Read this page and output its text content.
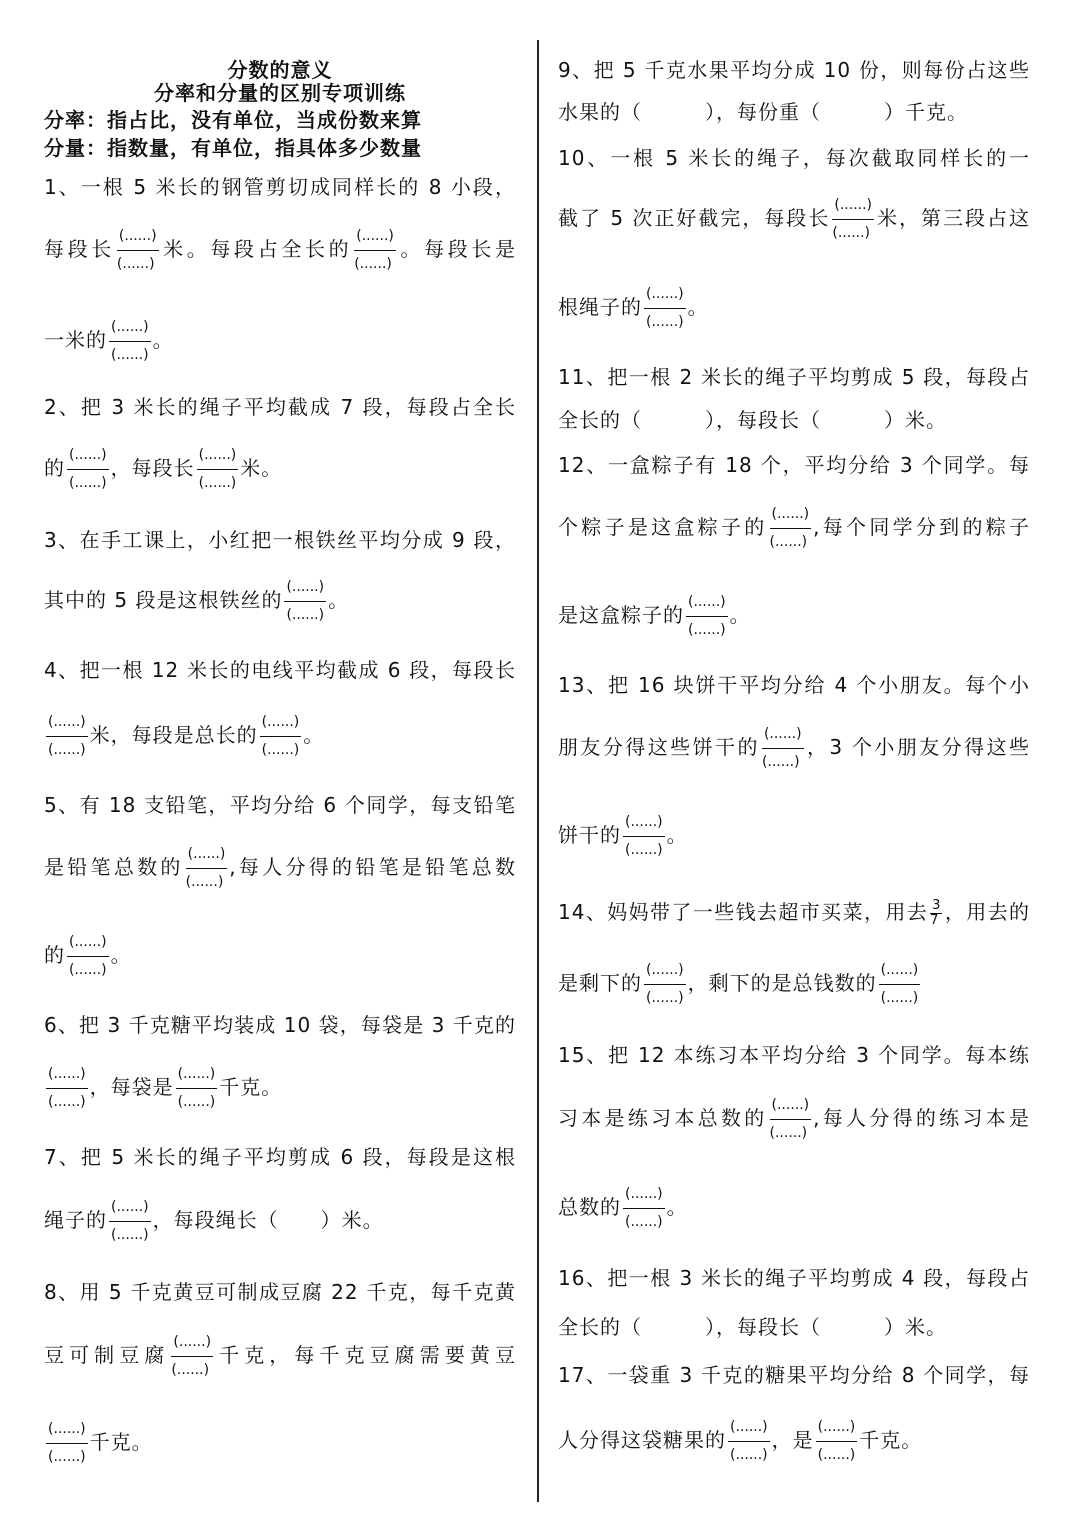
分数的意义
分率和分量的区别专项训练
分率：指占比，没有单位，当成份数来算
分量：指数量，有单位，指具体多少数量
1、一根 5 米长的钢管剪切成同样长的 8 小段，
每段长 $\frac{(......)}{(......)}$ 米。每段占全长的 $\frac{(......)}{(......)}$ 。每段长是
一米的 $\frac{(......)}{(......)}$ 。
2、把 3 米长的绳子平均截成 7 段，每段占全长
的 $\frac{(......)}{(......)}$ ，每段长 $\frac{(......)}{(......)}$ 米。
3、在手工课上，小红把一根铁丝平均分成 9 段，
其中的 5 段是这根铁丝的 $\frac{(......)}{(......)}$ 。
4、把一根 12 米长的电线平均截成 6 段，每段长
$\frac{(......)}{(......)}$ 米，每段是总长的 $\frac{(......)}{(......)}$ 。
5、有 18 支铅笔，平均分给 6 个同学，每支铅笔
是铅笔总数的 $\frac{(......)}{(......)}$ ,每人分得的铅笔是铅笔总数
的 $\frac{(......)}{(......)}$ 。
6、把 3 千克糖平均装成 10 袋，每袋是 3 千克的
$\frac{(......)}{(......)}$ ，每袋是 $\frac{(......)}{(......)}$ 千克。
7、把 5 米长的绳子平均剪成 6 段，每段是这根
绳子的 $\frac{(......)}{(......)}$ ，每段绳长（　　）米。
8、用 5 千克黄豆可制成豆腐 22 千克，每千克黄
豆可制豆腐 $\frac{(......)}{(......)}$ 千克，每千克豆腐需要黄豆
$\frac{(......)}{(......)}$ 千克。
9、把 5 千克水果平均分成 10 份，则每份占这些
水果的（　　　），每份重（　　　）千克。
10、一根 5 米长的绳子，每次截取同样长的一
截了 5 次正好截完，每段长 $\frac{(......)}{(......)}$ 米，第三段占这
根绳子的 $\frac{(......)}{(......)}$ 。
11、把一根 2 米长的绳子平均剪成 5 段，每段占
全长的（　　　），每段长（　　　）米。
12、一盒粽子有 18 个，平均分给 3 个同学。每
个粽子是这盒粽子的 $\frac{(......)}{(......)}$ ,每个同学分到的粽子
是这盒粽子的 $\frac{(......)}{(......)}$ 。
13、把 16 块饼干平均分给 4 个小朋友。每个小
朋友分得这些饼干的 $\frac{(......)}{(......)}$ ，3 个小朋友分得这些
饼干的 $\frac{(......)}{(......)}$ 。
14、妈妈带了一些钱去超市买菜，用去 $\frac{3}{7}$ ，用去的
是剩下的 $\frac{(......)}{(......)}$ ，剩下的是总钱数的 $\frac{(......)}{(......)}$
15、把 12 本练习本平均分给 3 个同学。每本练
习本是练习本总数的 $\frac{(......)}{(......)}$ ,每人分得的练习本是
总数的 $\frac{(......)}{(......)}$ 。
16、把一根 3 米长的绳子平均剪成 4 段，每段占
全长的（　　　），每段长（　　　）米。
17、一袋重 3 千克的糖果平均分给 8 个同学，每
人分得这袋糖果的 $\frac{(......)}{(......)}$ ，是 $\frac{(......)}{(......)}$ 千克。
